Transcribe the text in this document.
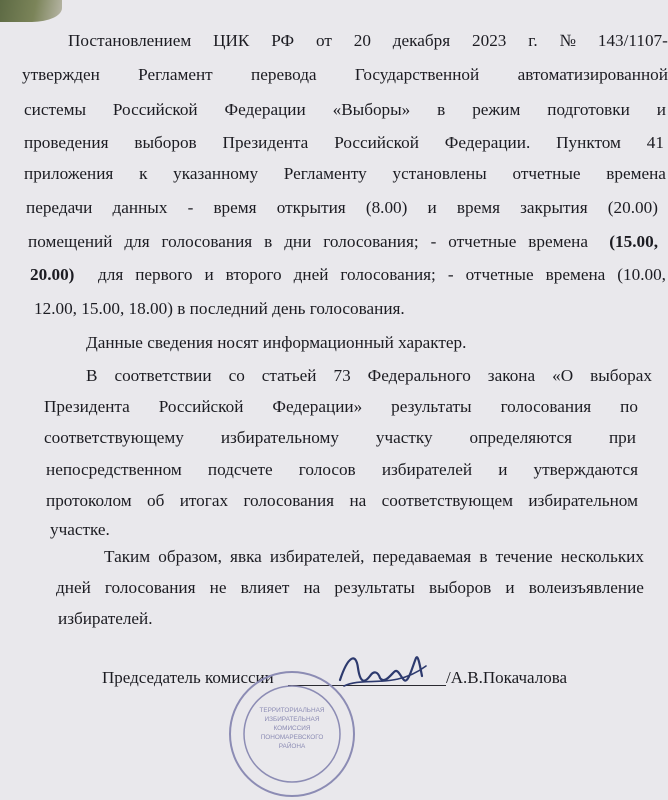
Постановлением ЦИК РФ от 20 декабря 2023 г. № 143/1107-
утвержден Регламент перевода Государственной автоматизированной
системы Российской Федерации «Выборы» в режим подготовки и
проведения выборов Президента Российской Федерации. Пунктом 41
приложения к указанному Регламенту установлены отчетные времена
передачи данных - время открытия (8.00) и время закрытия (20.00)
помещений для голосования в дни голосования; - отчетные времена (15.00,
20.00) для первого и второго дней голосования; - отчетные времена (10.00,
12.00, 15.00, 18.00) в последний день голосования.
Данные сведения носят информационный характер.
В соответствии со статьей 73 Федерального закона «О выборах
Президента Российской Федерации» результаты голосования по
соответствующему избирательному участку определяются при
непосредственном подсчете голосов избирателей и утверждаются
протоколом об итогах голосования на соответствующем избирательном
участке.
Таким образом, явка избирателей, передаваемая в течение нескольких
дней голосования не влияет на результаты выборов и волеизъявление
избирателей.
Председатель комиссии	/А.В.Покачалова
ТЕРРИТОРИАЛЬНАЯ
ИЗБИРАТЕЛЬНАЯ
КОМИССИЯ
ПОНОМАРЕВСКОГО
РАЙОНА
